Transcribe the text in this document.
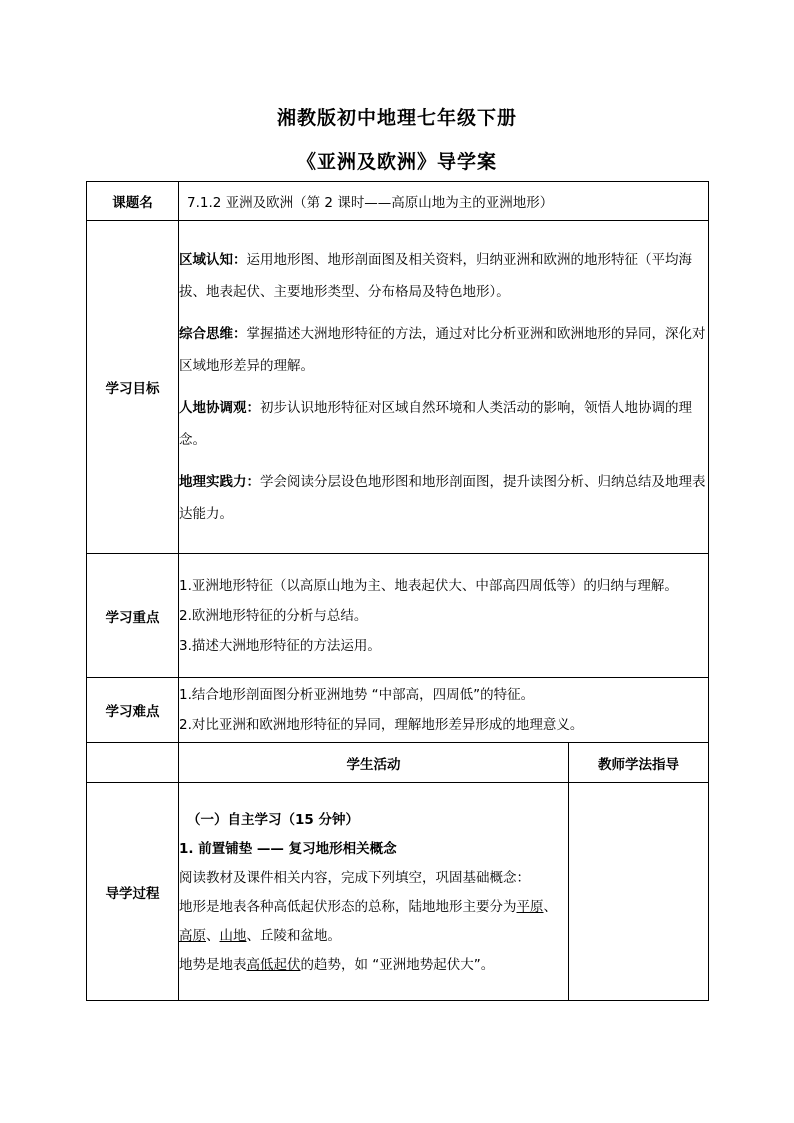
湘教版初中地理七年级下册
《亚洲及欧洲》导学案
课题名	7.1.2 亚洲及欧洲（第 2 课时——高原山地为主的亚洲地形）	
学习目标	区域认知：运用地形图、地形剖面图及相关资料，归纳亚洲和欧洲的地形特征（平均海拔、地表起伏、主要地形类型、分布格局及特色地形）。

综合思维：掌握描述大洲地形特征的方法，通过对比分析亚洲和欧洲地形的异同，深化对区域地形差异的理解。

人地协调观：初步认识地形特征对区域自然环境和人类活动的影响，领悟人地协调的理念。

地理实践力：学会阅读分层设色地形图和地形剖面图，提升读图分析、归纳总结及地理表达能力。	

学习重点	1.亚洲地形特征（以高原山地为主、地表起伏大、中部高四周低等）的归纳与理解。

2.欧洲地形特征的分析与总结。

3.描述大洲地形特征的方法运用。	

学习难点	1.结合地形剖面图分析亚洲地势 “中部高，四周低”的特征。

2.对比亚洲和欧洲地形特征的异同，理解地形差异形成的地理意义。	

	学生活动	教师学法指导
导学过程	（一）自主学习（15 分钟）

1. 前置铺垫 —— 复习地形相关概念

阅读教材及课件相关内容，完成下列填空，巩固基础概念：

地形是地表各种高低起伏形态的总称，陆地地形主要分为平原、高原、山地、丘陵和盆地。

地势是地表高低起伏的趋势，如 “亚洲地势起伏大”。	
